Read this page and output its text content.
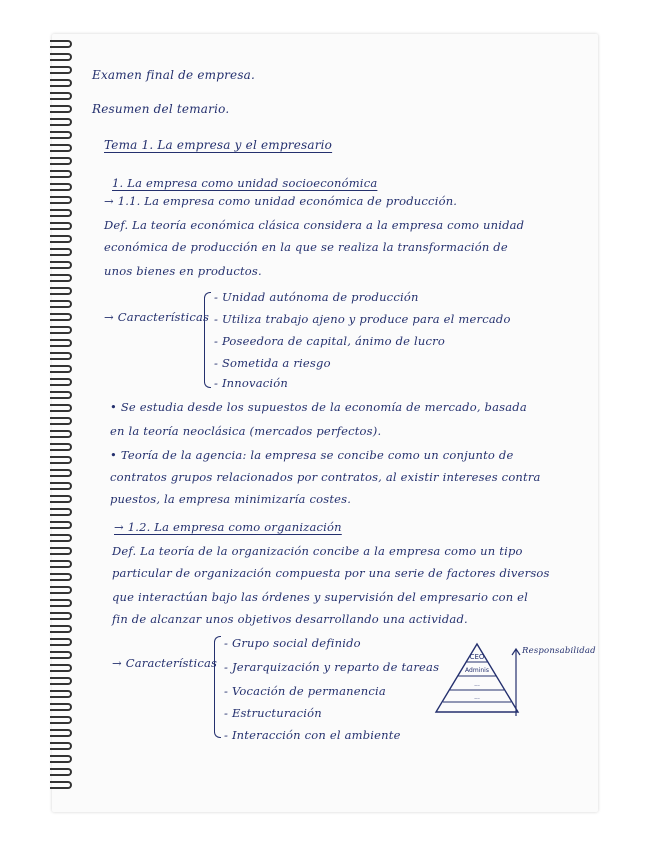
Examen final de empresa.
Resumen del temario.
Tema 1. La empresa y el empresario
1. La empresa como unidad socioeconómica
→ 1.1. La empresa como unidad económica de producción.
Def. La teoría económica clásica considera a la empresa como unidad
económica de producción en la que se realiza la transformación de
unos bienes en productos.
→ Características
- Unidad autónoma de producción
- Utiliza trabajo ajeno y produce para el mercado
- Poseedora de capital, ánimo de lucro
- Sometida a riesgo
- Innovación
• Se estudia desde los supuestos de la economía de mercado, basada
en la teoría neoclásica (mercados perfectos).
• Teoría de la agencia: la empresa se concibe como un conjunto de
contratos grupos relacionados por contratos, al existir intereses contra
puestos, la empresa minimizaría costes.
→ 1.2. La empresa como organización
Def. La teoría de la organización concibe a la empresa como un tipo
particular de organización compuesta por una serie de factores diversos
que interactúan bajo las órdenes y supervisión del empresario con el
fin de alcanzar unos objetivos desarrollando una actividad.
→ Características
- Grupo social definido
- Jerarquización y reparto de tareas
- Vocación de permanencia
- Estructuración
- Interacción con el ambiente
CEO
Adminis
...
...
Responsabilidad
